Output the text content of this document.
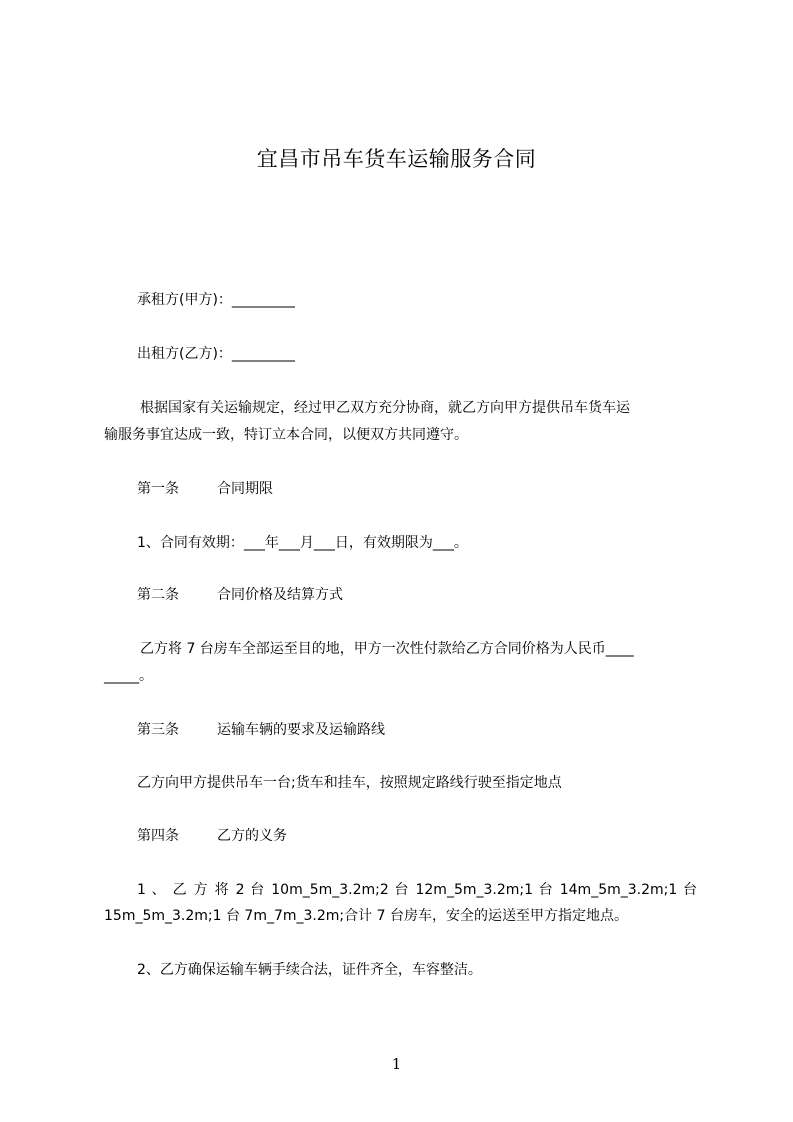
宜昌市吊车货车运输服务合同
承租方(甲方)：_________
出租方(乙方)：_________
根据国家有关运输规定，经过甲乙双方充分协商，就乙方向甲方提供吊车货车运
输服务事宜达成一致，特订立本合同，以便双方共同遵守。
第一条	合同期限
1、合同有效期：___年___月___日，有效期限为___。
第二条	合同价格及结算方式
乙方将 7 台房车全部运至目的地，甲方一次性付款给乙方合同价格为人民币____
_____。
第三条	运输车辆的要求及运输路线
乙方向甲方提供吊车一台;货车和挂车，按照规定路线行驶至指定地点
第四条	乙方的义务
1 、 乙 方 将 2 台 10m_5m_3.2m;2 台 12m_5m_3.2m;1 台 14m_5m_3.2m;1 台
15m_5m_3.2m;1 台 7m_7m_3.2m;合计 7 台房车，安全的运送至甲方指定地点。
2、乙方确保运输车辆手续合法，证件齐全，车容整洁。
1
